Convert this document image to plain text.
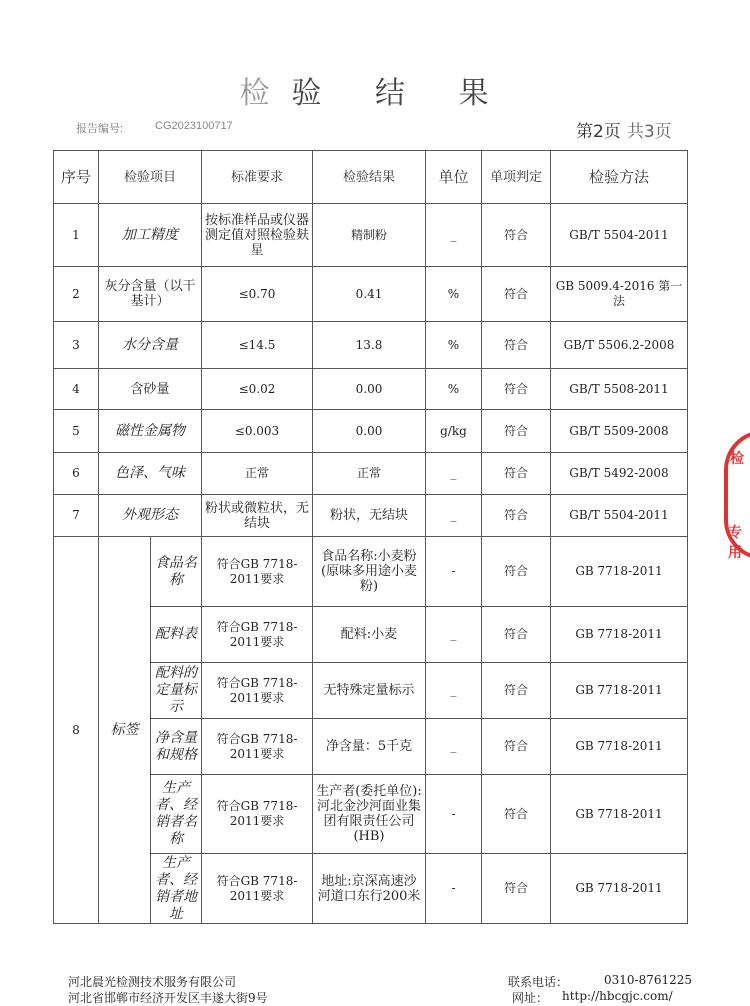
检验 结 果
报告编号:	CG2023100717	第2页 共3页
序号	检验项目		标准要求	检验结果	单位	单项判定	检验方法
1	加工精度		按标准样品或仪器测定值对照检验麸星	精制粉	_	符合	GB/T 5504-2011
2	灰分含量（以干基计）		≤0.70	0.41	%	符合	GB 5009.4-2016 第一法
3	水分含量		≤14.5	13.8	%	符合	GB/T 5506.2-2008
4	含砂量		≤0.02	0.00	%	符合	GB/T 5508-2011
5	磁性金属物		≤0.003	0.00	g/kg	符合	GB/T 5509-2008
6	色泽、气味		正常	正常	_	符合	GB/T 5492-2008
7	外观形态		粉状或微粒状，无结块	粉状，无结块	_	符合	GB/T 5504-2011
8	标签	食品名称	符合GB 7718-2011要求	食品名称:小麦粉(原味多用途小麦粉)	-	符合	GB 7718-2011
		配料表	符合GB 7718-2011要求	配料:小麦	_	符合	GB 7718-2011
		配料的定量标示	符合GB 7718-2011要求	无特殊定量标示	_	符合	GB 7718-2011
		净含量和规格	符合GB 7718-2011要求	净含量：5千克	_	符合	GB 7718-2011
		生产者、经销者名称	符合GB 7718-2011要求	生产者(委托单位):河北金沙河面业集团有限责任公司(HB)	-	符合	GB 7718-2011
		生产者、经销者地址	符合GB 7718-2011要求	地址:京深高速沙河道口东行200米	-	符合	GB 7718-2011
检
专用
河北晨光检测技术服务有限公司
河北省邯郸市经济开发区丰遂大街9号
联系电话：	0310-8761225
网址： http://hbcgjc.com/
